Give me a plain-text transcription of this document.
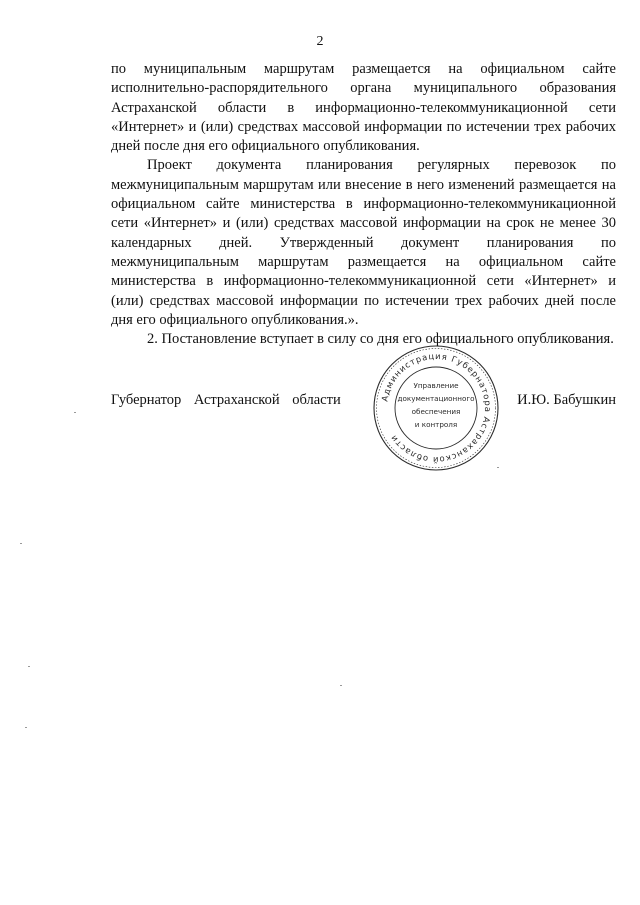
2

по муниципальным маршрутам размещается на официальном сайте исполнительно-распорядительного органа муниципального образования Астраханской области в информационно-телекоммуникационной сети «Интернет» и (или) средствах массовой информации по истечении трех рабочих дней после дня его официального опубликования.

Проект документа планирования регулярных перевозок по межмуниципальным маршрутам или внесение в него изменений размещается на официальном сайте министерства в информационно-телекоммуникационной сети «Интернет» и (или) средствах массовой информации на срок не менее 30 календарных дней. Утвержденный документ планирования по межмуниципальным маршрутам размещается на официальном сайте министерства в информационно-телекоммуникационной сети «Интернет» и (или) средствах массовой информации по истечении трех рабочих дней после дня его официального опубликования.».

2. Постановление вступает в силу со дня его официального опубликования.

Губернатор Астраханской области	И.Ю. Бабушкин
Администрация Губернатора Астраханской области
Управление
документационного
обеспечения
и контроля
